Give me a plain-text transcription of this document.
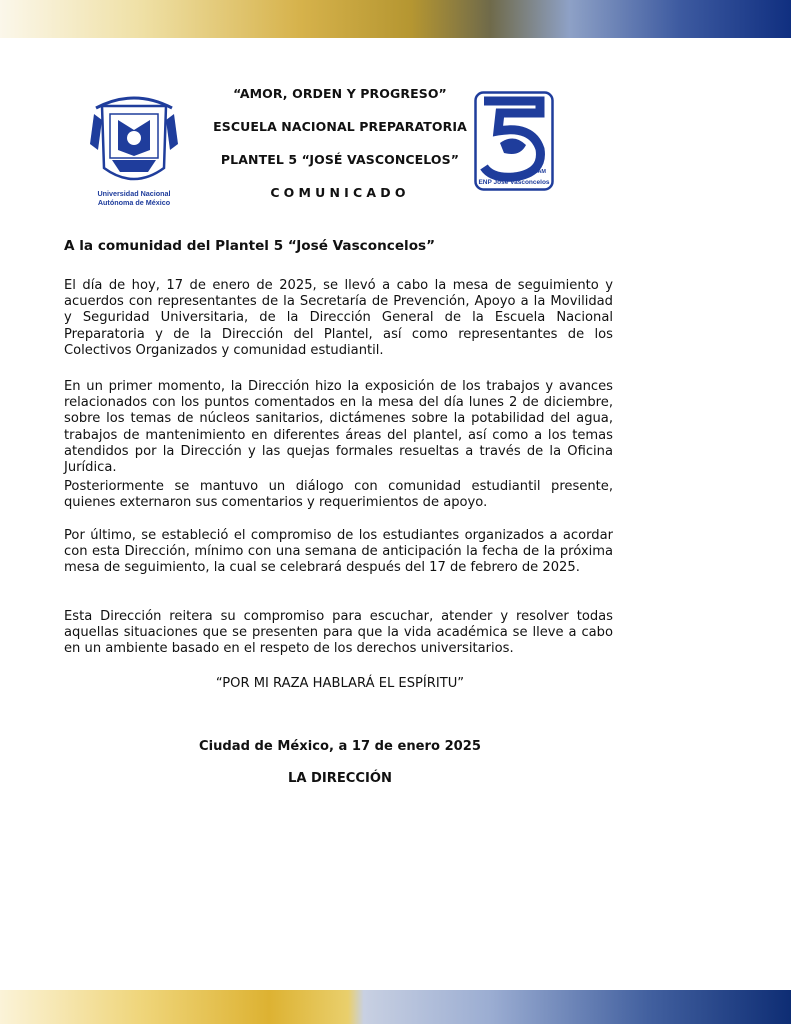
Universidad Nacional
Autónoma de México
“AMOR, ORDEN Y PROGRESO”
ESCUELA NACIONAL PREPARATORIA
PLANTEL 5 “JOSÉ VASCONCELOS”
COMUNICADO
UNAM
ENP José Vasconcelos
A la comunidad del Plantel 5 “José Vasconcelos”
El día de hoy, 17 de enero de 2025, se llevó a cabo la mesa de seguimiento y acuerdos con representantes de la Secretaría de Prevención, Apoyo a la Movilidad y Seguridad Universitaria, de la Dirección General de la Escuela Nacional Preparatoria y de la Dirección del Plantel, así como representantes de los Colectivos Organizados y comunidad estudiantil.
En un primer momento, la Dirección hizo la exposición de los trabajos y avances relacionados con los puntos comentados en la mesa del día lunes 2 de diciembre, sobre los temas de núcleos sanitarios, dictámenes sobre la potabilidad del agua, trabajos de mantenimiento en diferentes áreas del plantel, así como a los temas atendidos por la Dirección y las quejas formales resueltas a través de la Oficina Jurídica.
Posteriormente se mantuvo un diálogo con comunidad estudiantil presente, quienes externaron sus comentarios y requerimientos de apoyo.
Por último, se estableció el compromiso de los estudiantes organizados a acordar con esta Dirección, mínimo con una semana de anticipación la fecha de la próxima mesa de seguimiento, la cual se celebrará después del 17 de febrero de 2025.
Esta Dirección reitera su compromiso para escuchar, atender y resolver todas aquellas situaciones que se presenten para que la vida académica se lleve a cabo en un ambiente basado en el respeto de los derechos universitarios.
“POR MI RAZA HABLARÁ EL ESPÍRITU”
Ciudad de México, a 17 de enero 2025
LA DIRECCIÓN
